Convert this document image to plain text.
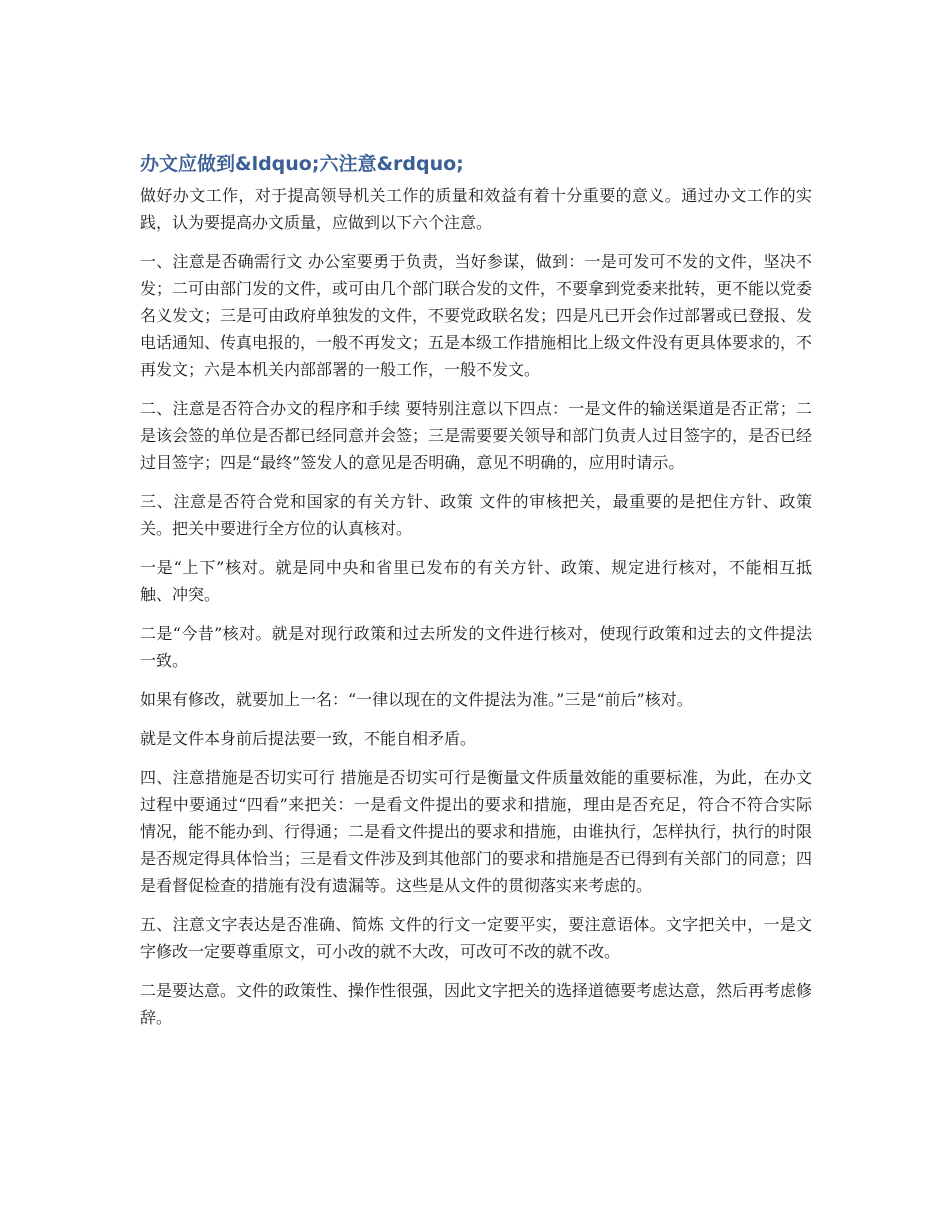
办文应做到&ldquo;六注意&rdquo;

做好办文工作，对于提高领导机关工作的质量和效益有着十分重要的意义。通过办文工作的实践，认为要提高办文质量，应做到以下六个注意。

一、注意是否确需行文 办公室要勇于负责，当好参谋，做到：一是可发可不发的文件，坚决不发；二可由部门发的文件，或可由几个部门联合发的文件，不要拿到党委来批转，更不能以党委名义发文；三是可由政府单独发的文件，不要党政联名发；四是凡已开会作过部署或已登报、发电话通知、传真电报的，一般不再发文；五是本级工作措施相比上级文件没有更具体要求的，不再发文；六是本机关内部部署的一般工作，一般不发文。

二、注意是否符合办文的程序和手续 要特别注意以下四点：一是文件的输送渠道是否正常；二是该会签的单位是否都已经同意并会签；三是需要要关领导和部门负责人过目签字的，是否已经过目签字；四是“最终”签发人的意见是否明确，意见不明确的，应用时请示。

三、注意是否符合党和国家的有关方针、政策 文件的审核把关，最重要的是把住方针、政策关。把关中要进行全方位的认真核对。

一是“上下”核对。就是同中央和省里已发布的有关方针、政策、规定进行核对，不能相互抵触、冲突。

二是“今昔”核对。就是对现行政策和过去所发的文件进行核对，使现行政策和过去的文件提法一致。

如果有修改，就要加上一名：“一律以现在的文件提法为准。”三是“前后”核对。

就是文件本身前后提法要一致，不能自相矛盾。

四、注意措施是否切实可行 措施是否切实可行是衡量文件质量效能的重要标准，为此，在办文过程中要通过“四看”来把关：一是看文件提出的要求和措施，理由是否充足，符合不符合实际情况，能不能办到、行得通；二是看文件提出的要求和措施，由谁执行，怎样执行，执行的时限是否规定得具体恰当；三是看文件涉及到其他部门的要求和措施是否已得到有关部门的同意；四是看督促检查的措施有没有遗漏等。这些是从文件的贯彻落实来考虑的。

五、注意文字表达是否准确、简炼 文件的行文一定要平实，要注意语体。文字把关中，一是文字修改一定要尊重原文，可小改的就不大改，可改可不改的就不改。

二是要达意。文件的政策性、操作性很强，因此文字把关的选择道德要考虑达意，然后再考虑修辞。
